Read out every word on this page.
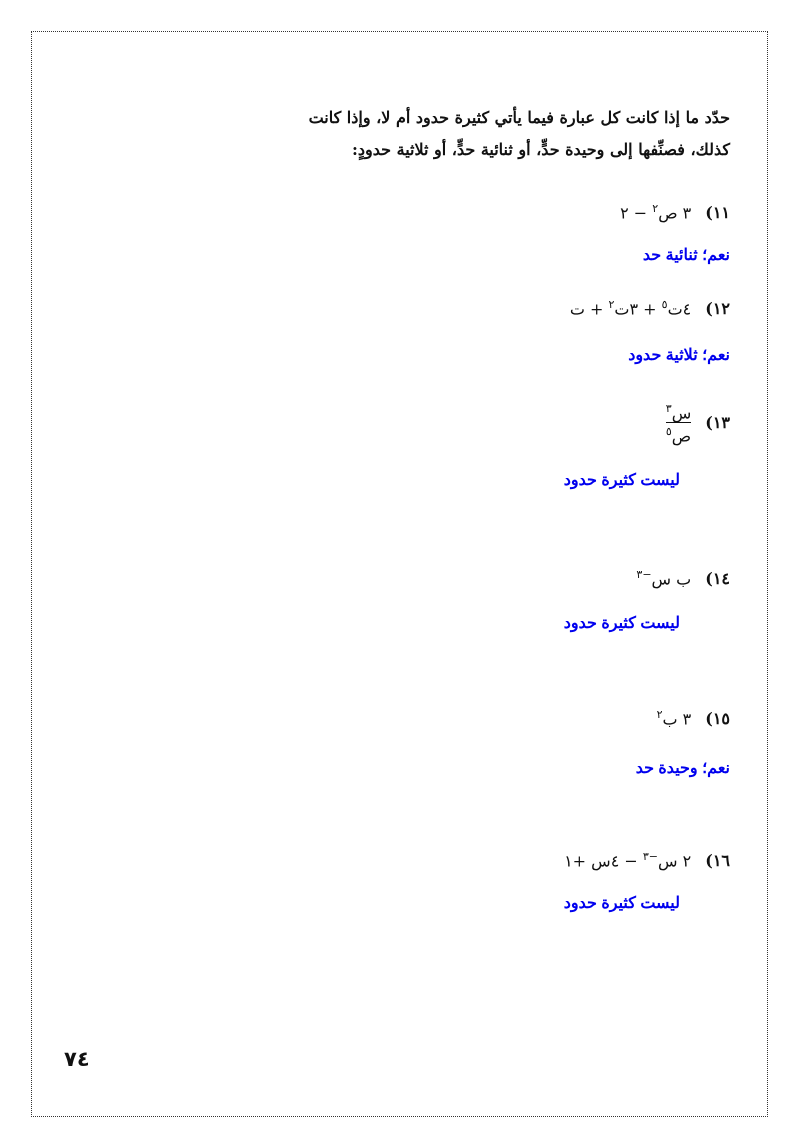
حدّد ما إذا كانت كل عبارة فيما يأتي كثيرة حدود أم لا، وإذا كانت
كذلك، فصنِّفها إلى وحيدة حدٍّ، أو ثنائية حدٍّ، أو ثلاثية حدودٍ:
١١)
٣ ص$^٢$ − ٢
نعم؛ ثنائية حد
١٢)
٤ت$^٥$ + ٣ت$^٢$ + ت
نعم؛ ثلاثية حدود
١٣)
$\frac{س^٣}{ص^٥}$
ليست كثيرة حدود
١٤)
ب س$^{-٣}$
ليست كثيرة حدود
١٥)
٣ ب$^٢$
نعم؛ وحيدة حد
١٦)
٢ س$^{-٣}$ − ٤س +١
ليست كثيرة حدود
٧٤
